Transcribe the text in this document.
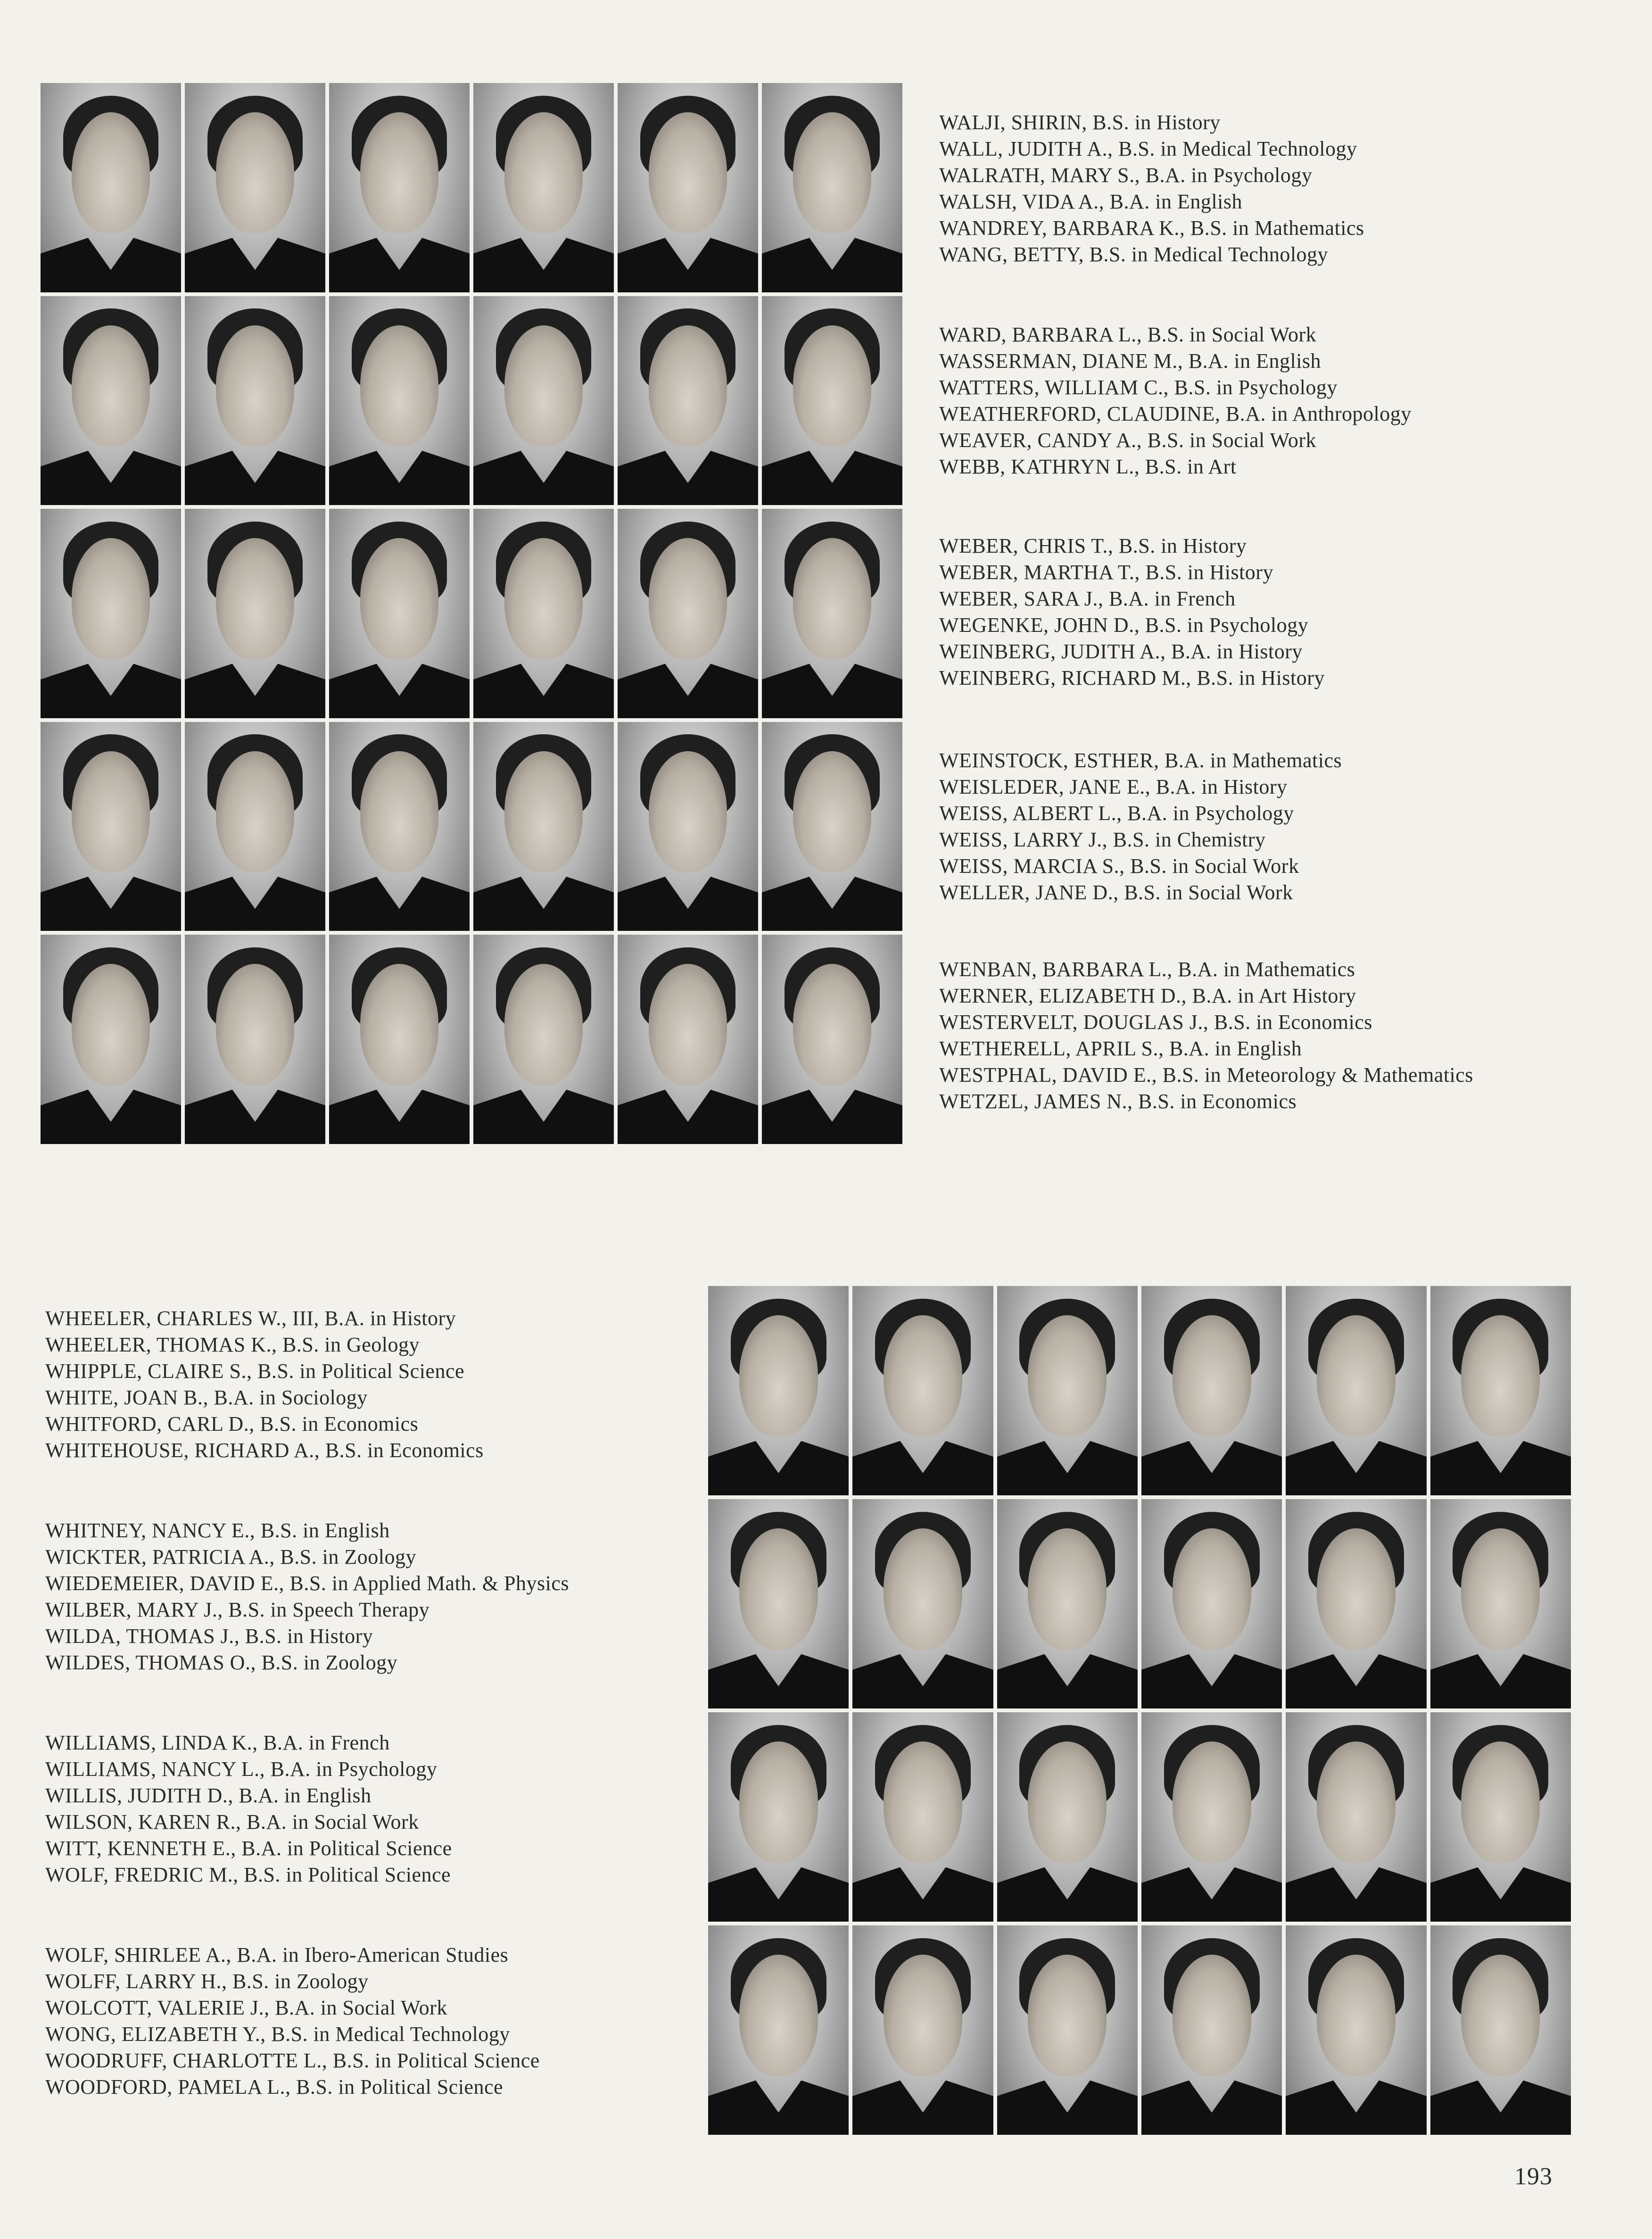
WALJI, SHIRIN, B.S. in History
WALL, JUDITH A., B.S. in Medical Technology
WALRATH, MARY S., B.A. in Psychology
WALSH, VIDA A., B.A. in English
WANDREY, BARBARA K., B.S. in Mathematics
WANG, BETTY, B.S. in Medical Technology
WARD, BARBARA L., B.S. in Social Work
WASSERMAN, DIANE M., B.A. in English
WATTERS, WILLIAM C., B.S. in Psychology
WEATHERFORD, CLAUDINE, B.A. in Anthropology
WEAVER, CANDY A., B.S. in Social Work
WEBB, KATHRYN L., B.S. in Art
WEBER, CHRIS T., B.S. in History
WEBER, MARTHA T., B.S. in History
WEBER, SARA J., B.A. in French
WEGENKE, JOHN D., B.S. in Psychology
WEINBERG, JUDITH A., B.A. in History
WEINBERG, RICHARD M., B.S. in History
WEINSTOCK, ESTHER, B.A. in Mathematics
WEISLEDER, JANE E., B.A. in History
WEISS, ALBERT L., B.A. in Psychology
WEISS, LARRY J., B.S. in Chemistry
WEISS, MARCIA S., B.S. in Social Work
WELLER, JANE D., B.S. in Social Work
WENBAN, BARBARA L., B.A. in Mathematics
WERNER, ELIZABETH D., B.A. in Art History
WESTERVELT, DOUGLAS J., B.S. in Economics
WETHERELL, APRIL S., B.A. in English
WESTPHAL, DAVID E., B.S. in Meteorology & Mathematics
WETZEL, JAMES N., B.S. in Economics
WHEELER, CHARLES W., III, B.A. in History
WHEELER, THOMAS K., B.S. in Geology
WHIPPLE, CLAIRE S., B.S. in Political Science
WHITE, JOAN B., B.A. in Sociology
WHITFORD, CARL D., B.S. in Economics
WHITEHOUSE, RICHARD A., B.S. in Economics
WHITNEY, NANCY E., B.S. in English
WICKTER, PATRICIA A., B.S. in Zoology
WIEDEMEIER, DAVID E., B.S. in Applied Math. & Physics
WILBER, MARY J., B.S. in Speech Therapy
WILDA, THOMAS J., B.S. in History
WILDES, THOMAS O., B.S. in Zoology
WILLIAMS, LINDA K., B.A. in French
WILLIAMS, NANCY L., B.A. in Psychology
WILLIS, JUDITH D., B.A. in English
WILSON, KAREN R., B.A. in Social Work
WITT, KENNETH E., B.A. in Political Science
WOLF, FREDRIC M., B.S. in Political Science
WOLF, SHIRLEE A., B.A. in Ibero-American Studies
WOLFF, LARRY H., B.S. in Zoology
WOLCOTT, VALERIE J., B.A. in Social Work
WONG, ELIZABETH Y., B.S. in Medical Technology
WOODRUFF, CHARLOTTE L., B.S. in Political Science
WOODFORD, PAMELA L., B.S. in Political Science
193
